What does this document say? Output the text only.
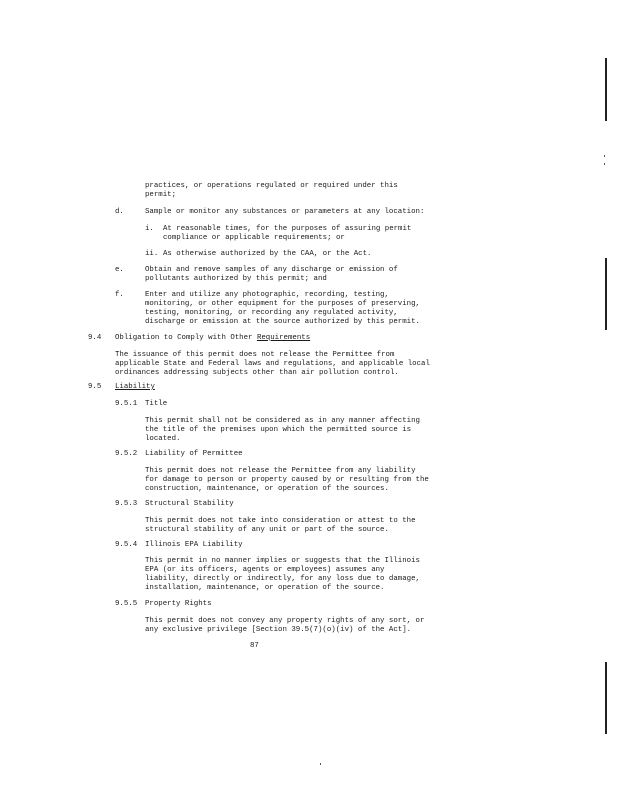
practices, or operations regulated or required under this
permit;
d.	Sample or monitor any substances or parameters at any location:
i. At reasonable times, for the purposes of assuring permit
compliance or applicable requirements; or
ii. As otherwise authorized by the CAA, or the Act.
e.	Obtain and remove samples of any discharge or emission of
pollutants authorized by this permit; and
f.	Enter and utilize any photographic, recording, testing,
monitoring, or other equipment for the purposes of preserving,
testing, monitoring, or recording any regulated activity,
discharge or emission at the source authorized by this permit.
9.4 Obligation to Comply with Other Requirements
The issuance of this permit does not release the Permittee from
applicable State and Federal laws and regulations, and applicable local
ordinances addressing subjects other than air pollution control.
9.5 Liability
9.5.1 Title
This permit shall not be considered as in any manner affecting
the title of the premises upon which the permitted source is
located.
9.5.2 Liability of Permittee
This permit does not release the Permittee from any liability
for damage to person or property caused by or resulting from the
construction, maintenance, or operation of the sources.
9.5.3 Structural Stability
This permit does not take into consideration or attest to the
structural stability of any unit or part of the source.
9.5.4 Illinois EPA Liability
This permit in no manner implies or suggests that the Illinois
EPA (or its officers, agents or employees) assumes any
liability, directly or indirectly, for any loss due to damage,
installation, maintenance, or operation of the source.
9.5.5 Property Rights
This permit does not convey any property rights of any sort, or
any exclusive privilege [Section 39.5(7)(o)(iv) of the Act].
87
